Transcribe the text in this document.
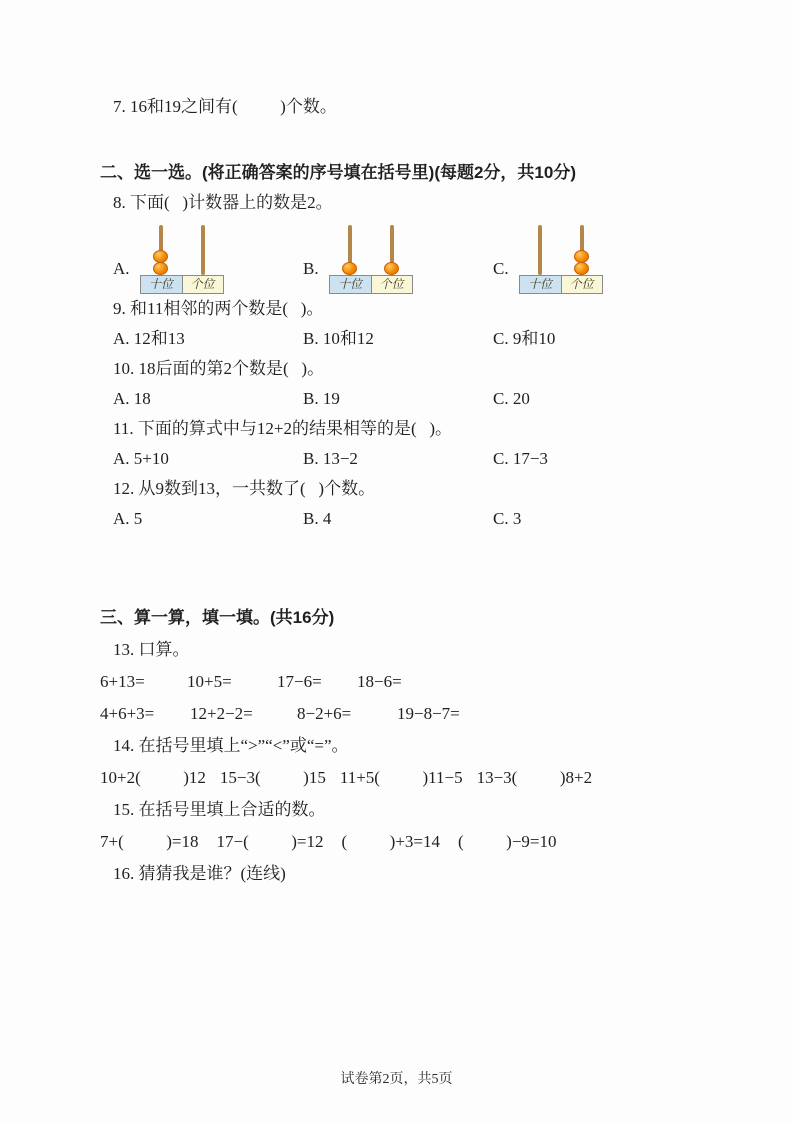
7. 16和19之间有(          )个数。
二、选一选。(将正确答案的序号填在括号里)(每题2分，共10分)
8. 下面(   )计数器上的数是2。
A.
十位	个位
B.
十位	个位
C.
十位	个位
9. 和11相邻的两个数是(   )。
A. 12和13	B. 10和12	C. 9和10
10. 18后面的第2个数是(   )。
A. 18	B. 19	C. 20
11. 下面的算式中与12+2的结果相等的是(   )。
A. 5+10	B. 13−2	C. 17−3
12. 从9数到13，一共数了(   )个数。
A. 5	B. 4	C. 3
三、算一算，填一填。(共16分)
13. 口算。
6+13=	10+5=	17−6=	18−6=
4+6+3=	12+2−2=	8−2+6=	19−8−7=
14. 在括号里填上“>”“<”或“=”。
10+2(          )12 15−3(          )15 11+5(          )11−5 13−3(          )8+2
15. 在括号里填上合适的数。
7+(          )=18 17−(          )=12 (          )+3=14 (          )−9=10
16. 猜猜我是谁？(连线)
试卷第2页，共5页
